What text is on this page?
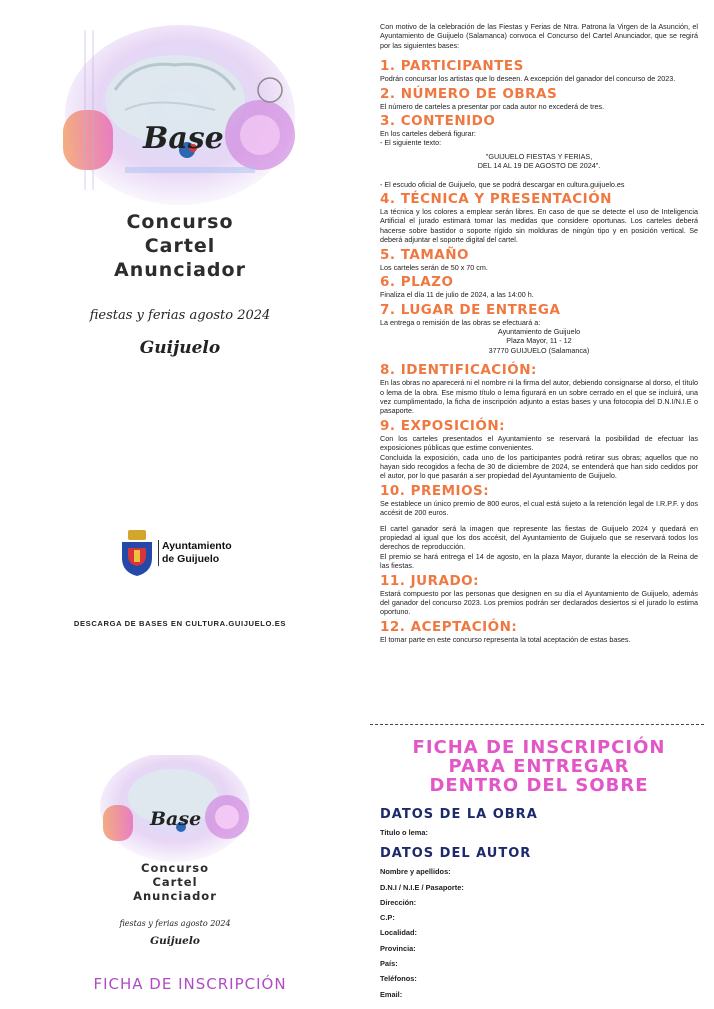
Base
Concurso
Cartel
Anunciador
fiestas y ferias agosto 2024
Guijuelo
Ayuntamiento
de Guijuelo
DESCARGA DE BASES EN CULTURA.GUIJUELO.ES
Base
Concurso
Cartel
Anunciador
fiestas y ferias agosto 2024
Guijuelo
FICHA DE INSCRIPCIÓN

Con motivo de la celebración de las Fiestas y Ferias de Ntra. Patrona la Virgen de la Asunción, el Ayuntamiento de Guijuelo (Salamanca) convoca el Concurso del Cartel Anunciador, que se regirá por las siguientes bases:

1. PARTICIPANTES

Podrán concursar los artistas que lo deseen. A excepción del ganador del concurso de 2023.

2. NÚMERO DE OBRAS

El número de carteles a presentar por cada autor no excederá de tres.

3. CONTENIDO

En los carteles deberá figurar:

- El siguiente texto:

"GUIJUELO FIESTAS Y FERIAS,

DEL 14 AL 19 DE AGOSTO DE 2024".

- El escudo oficial de Guijuelo, que se podrá descargar en cultura.guijuelo.es

4. TÉCNICA Y PRESENTACIÓN

La técnica y los colores a emplear serán libres. En caso de que se detecte el uso de Inteligencia Artificial el jurado estimará tomar las medidas que considere oportunas. Los carteles deberá hacerse sobre bastidor o soporte rígido sin molduras de ningún tipo y en posición vertical. Se deberá adjuntar el soporte digital del cartel.

5. TAMAÑO

Los carteles serán de 50 x 70 cm.

6. PLAZO

Finaliza el día 11 de julio de 2024, a las 14:00 h.

7. LUGAR DE ENTREGA

La entrega o remisión de las obras se efectuará a:

Ayuntamiento de Guijuelo

Plaza Mayor, 11 - 12

37770 GUIJUELO (Salamanca)

8. IDENTIFICACIÓN:

En las obras no aparecerá ni el nombre ni la firma del autor, debiendo consignarse al dorso, el título o lema de la obra. Ese mismo título o lema figurará en un sobre cerrado en el que se incluirá, una vez cumplimentado, la ficha de inscripción adjunto a estas bases y una fotocopia del D.N.I/N.I.E o pasaporte.

9. EXPOSICIÓN:

Con los carteles presentados el Ayuntamiento se reservará la posibilidad de efectuar las exposiciones públicas que estime convenientes.

Concluida la exposición, cada uno de los participantes podrá retirar sus obras; aquellos que no hayan sido recogidos a fecha de 30 de diciembre de 2024, se entenderá que han sido cedidos por el autor, por lo que pasarán a ser propiedad del Ayuntamiento de Guijuelo.

10. PREMIOS:

Se establece un único premio de 800 euros, el cual está sujeto a la retención legal de I.R.P.F. y dos accésit de 200 euros.

El cartel ganador será la imagen que represente las fiestas de Guijuelo 2024 y quedará en propiedad al igual que los dos accésit, del Ayuntamiento de Guijuelo que se reservará todos los derechos de reproducción.

El premio se hará entrega el 14 de agosto, en la plaza Mayor, durante la elección de la Reina de las fiestas.

11. JURADO:

Estará compuesto por las personas que designen en su día el Ayuntamiento de Guijuelo, además del ganador del concurso 2023. Los premios podrán ser declarados desiertos si el jurado lo estima oportuno.

12. ACEPTACIÓN:

El tomar parte en este concurso representa la total aceptación de estas bases.

FICHA DE INSCRIPCIÓN
PARA ENTREGAR
DENTRO DEL SOBRE
DATOS DE LA OBRA
Titulo o lema:
DATOS DEL AUTOR
Nombre y apellidos:
D.N.I / N.I.E / Pasaporte:
Dirección:
C.P:
Localidad:
Provincia:
País:
Teléfonos:
Email:
